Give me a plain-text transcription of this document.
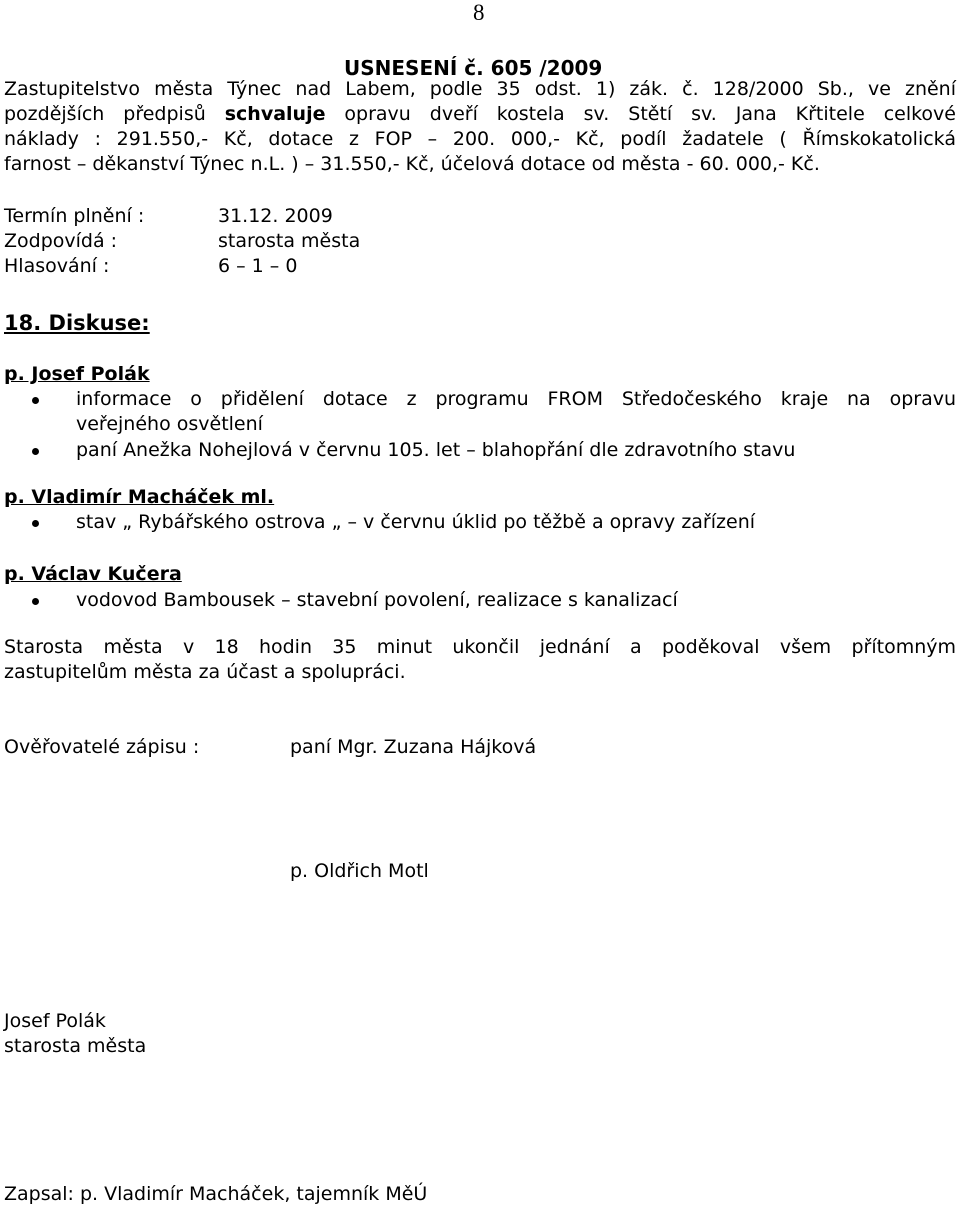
8
USNESENÍ č. 605 /2009
Zastupitelstvo města Týnec nad Labem, podle 35 odst. 1) zák. č. 128/2000 Sb., ve znění
pozdějších předpisů schvaluje opravu dveří kostela sv. Stětí sv. Jana Křtitele celkové
náklady : 291.550,- Kč, dotace z FOP – 200. 000,- Kč, podíl žadatele ( Římskokatolická
farnost – děkanství Týnec n.L. ) – 31.550,- Kč, účelová dotace od města - 60. 000,- Kč.
Termín plnění :	31.12. 2009
Zodpovídá :	starosta města
Hlasování :	6 – 1 – 0
18. Diskuse:
p. Josef Polák
informace o přidělení dotace z programu FROM Středočeského kraje na opravu
veřejného osvětlení
paní Anežka Nohejlová v červnu 105. let – blahopřání dle zdravotního stavu
p. Vladimír Macháček ml.
stav „ Rybářského ostrova „ – v červnu úklid po těžbě a opravy zařízení
p. Václav Kučera
vodovod Bambousek – stavební povolení, realizace s kanalizací
Starosta města v 18 hodin 35 minut ukončil jednání a poděkoval všem přítomným
zastupitelům města za účast a spolupráci.
Ověřovatelé zápisu :	paní Mgr. Zuzana Hájková
p. Oldřich Motl
Josef Polák
starosta města
Zapsal: p. Vladimír Macháček, tajemník MěÚ
